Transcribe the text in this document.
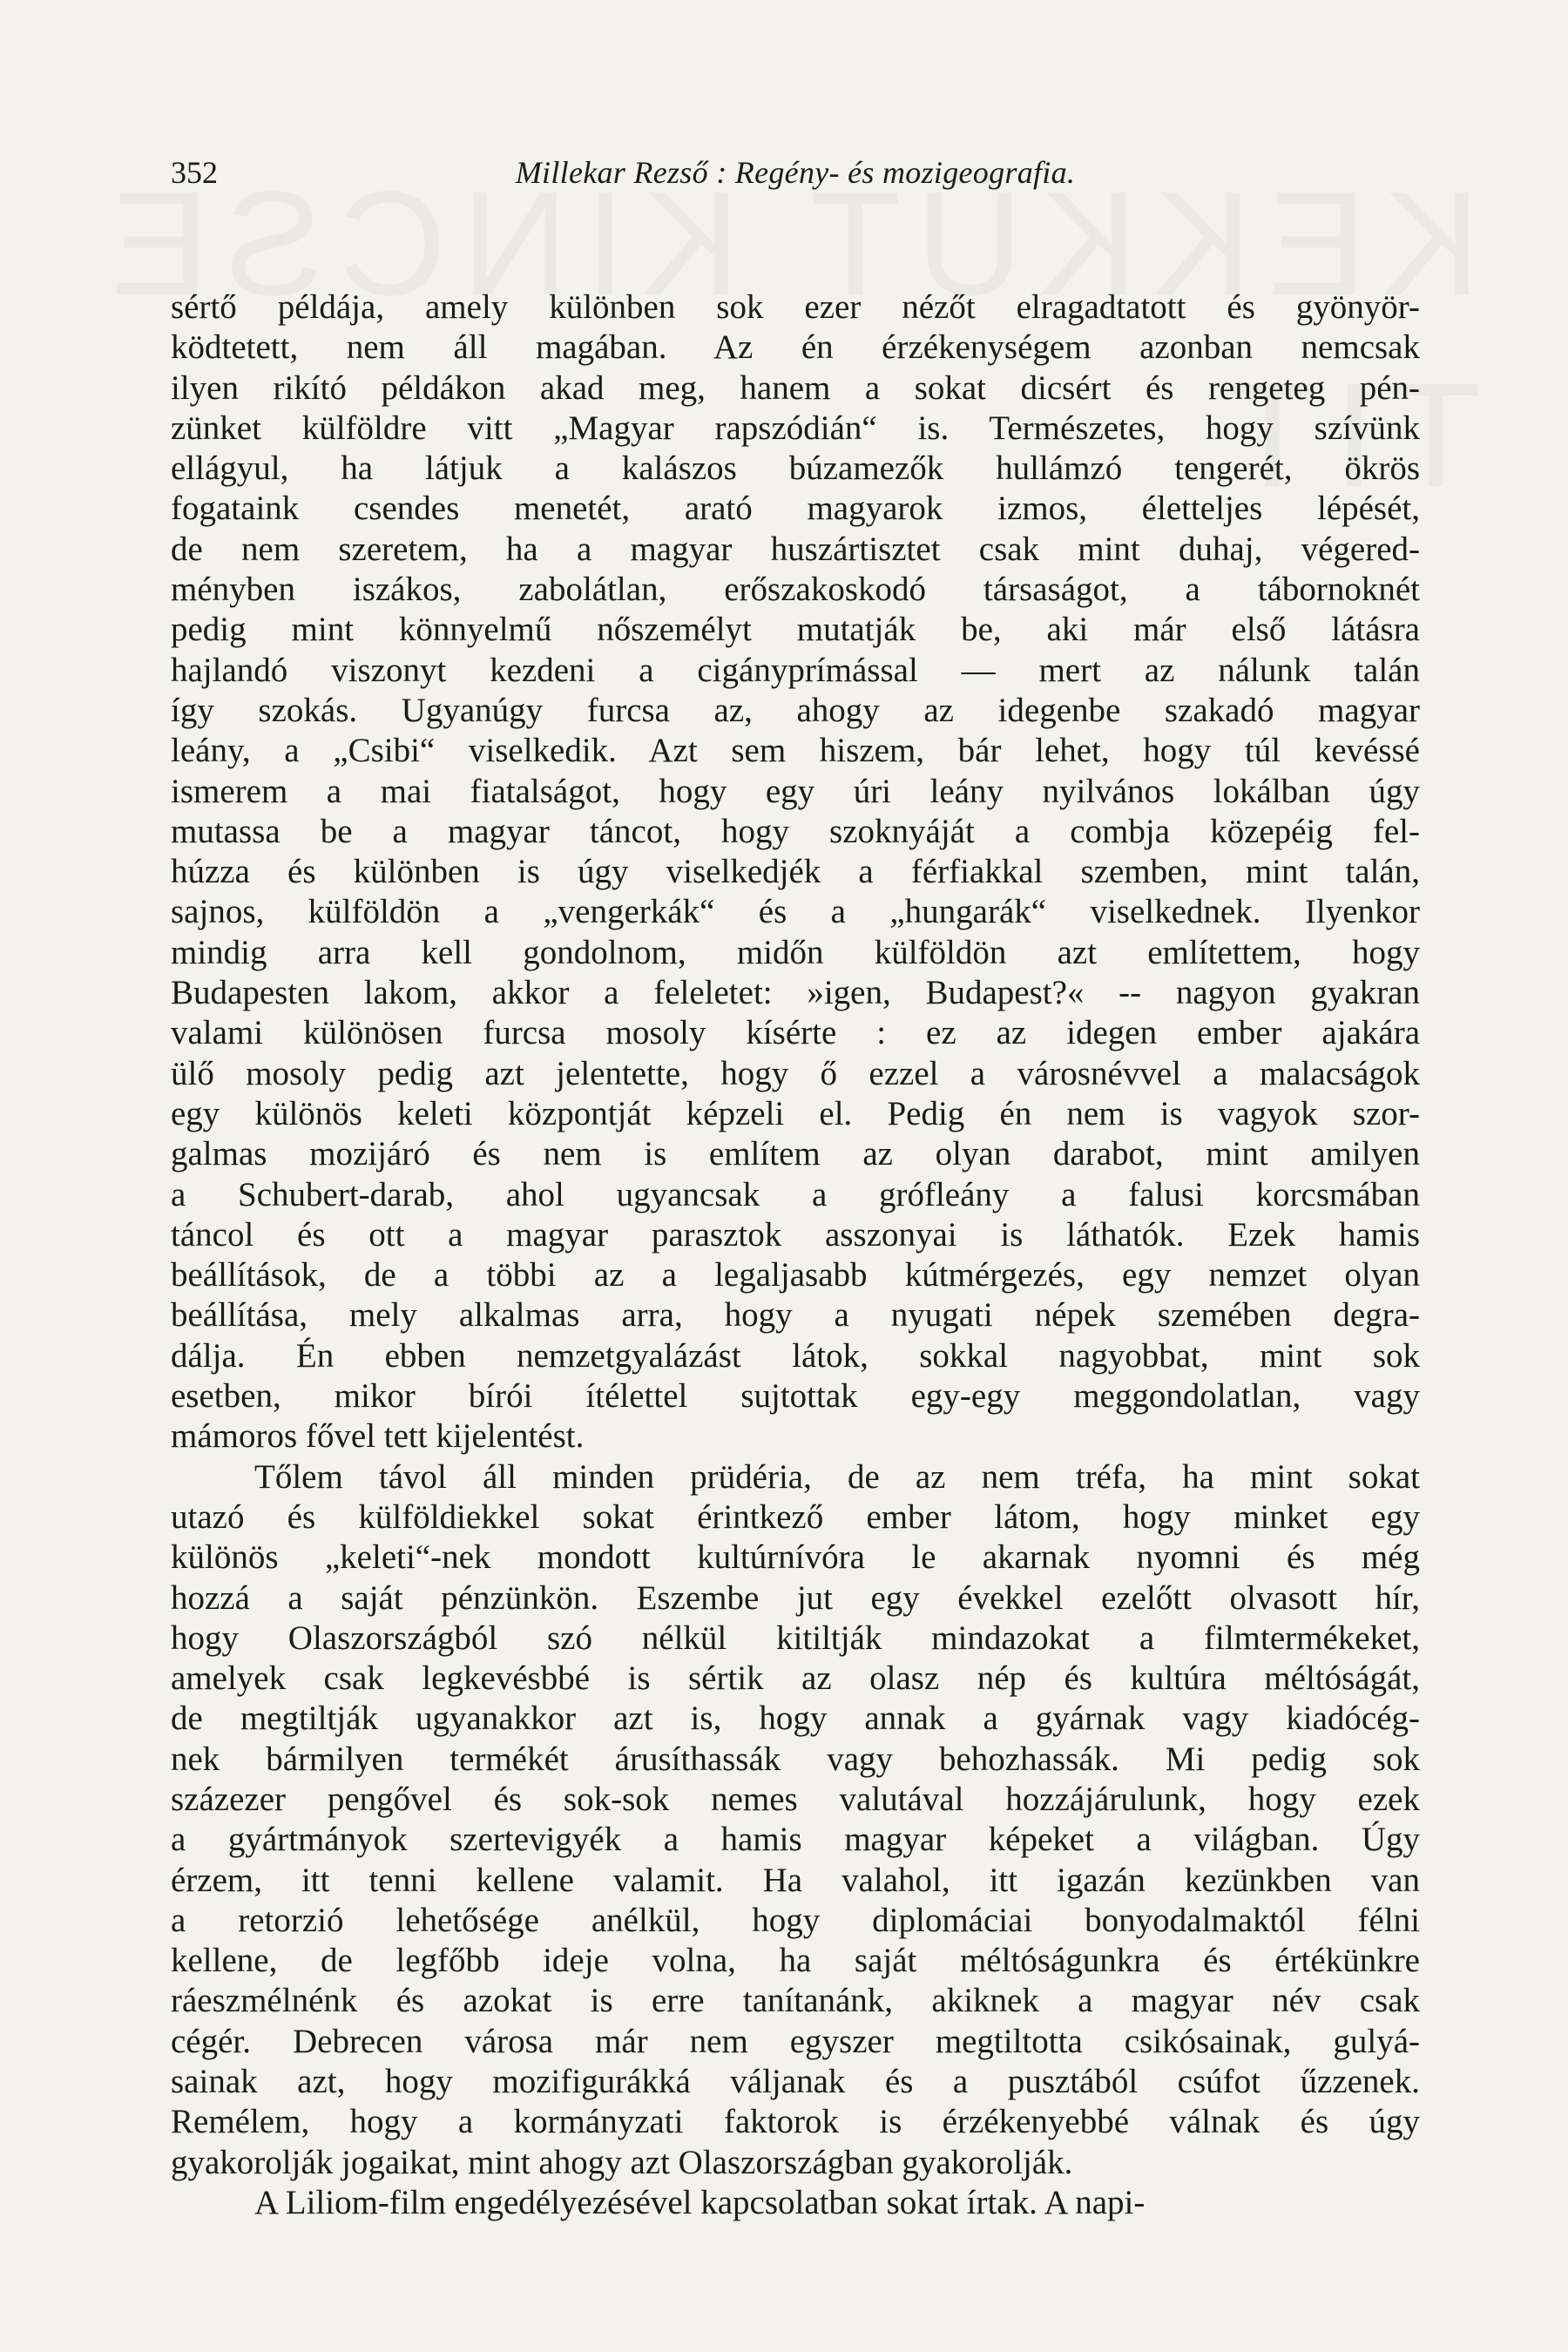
352	Millekar Rezső : Regény- és mozigeografia.
sértő példája, amely különben sok ezer nézőt elragadtatott és gyönyör-
ködtetett, nem áll magában. Az én érzékenységem azonban nemcsak
ilyen rikító példákon akad meg, hanem a sokat dicsért és rengeteg pén-
zünket külföldre vitt „Magyar rapszódián“ is. Természetes, hogy szívünk
ellágyul, ha látjuk a kalászos búzamezők hullámzó tengerét, ökrös
fogataink csendes menetét, arató magyarok izmos, életteljes lépését,
de nem szeretem, ha a magyar huszártisztet csak mint duhaj, végered-
ményben iszákos, zabolátlan, erőszakoskodó társaságot, a tábornoknét
pedig mint könnyelmű nőszemélyt mutatják be, aki már első látásra
hajlandó viszonyt kezdeni a cigányprímással — mert az nálunk talán
így szokás. Ugyanúgy furcsa az, ahogy az idegenbe szakadó magyar
leány, a „Csibi“ viselkedik. Azt sem hiszem, bár lehet, hogy túl kevéssé
ismerem a mai fiatalságot, hogy egy úri leány nyilvános lokálban úgy
mutassa be a magyar táncot, hogy szoknyáját a combja közepéig fel-
húzza és különben is úgy viselkedjék a férfiakkal szemben, mint talán,
sajnos, külföldön a „vengerkák“ és a „hungarák“ viselkednek. Ilyenkor
mindig arra kell gondolnom, midőn külföldön azt említettem, hogy
Budapesten lakom, akkor a feleletet: »igen, Budapest?« -- nagyon gyakran
valami különösen furcsa mosoly kísérte : ez az idegen ember ajakára
ülő mosoly pedig azt jelentette, hogy ő ezzel a városnévvel a malacságok
egy különös keleti központját képzeli el. Pedig én nem is vagyok szor-
galmas mozijáró és nem is említem az olyan darabot, mint amilyen
a Schubert-darab, ahol ugyancsak a grófleány a falusi korcsmában
táncol és ott a magyar parasztok asszonyai is láthatók. Ezek hamis
beállítások, de a többi az a legaljasabb kútmérgezés, egy nemzet olyan
beállítása, mely alkalmas arra, hogy a nyugati népek szemében degra-
dálja. Én ebben nemzetgyalázást látok, sokkal nagyobbat, mint sok
esetben, mikor bírói ítélettel sujtottak egy-egy meggondolatlan, vagy
mámoros fővel tett kijelentést.
Tőlem távol áll minden prüdéria, de az nem tréfa, ha mint sokat
utazó és külföldiekkel sokat érintkező ember látom, hogy minket egy
különös „keleti“-nek mondott kultúrnívóra le akarnak nyomni és még
hozzá a saját pénzünkön. Eszembe jut egy évekkel ezelőtt olvasott hír,
hogy Olaszországból szó nélkül kitiltják mindazokat a filmtermékeket,
amelyek csak legkevésbbé is sértik az olasz nép és kultúra méltóságát,
de megtiltják ugyanakkor azt is, hogy annak a gyárnak vagy kiadócég-
nek bármilyen termékét árusíthassák vagy behozhassák. Mi pedig sok
százezer pengővel és sok-sok nemes valutával hozzájárulunk, hogy ezek
a gyártmányok szertevigyék a hamis magyar képeket a világban. Úgy
érzem, itt tenni kellene valamit. Ha valahol, itt igazán kezünkben van
a retorzió lehetősége anélkül, hogy diplomáciai bonyodalmaktól félni
kellene, de legfőbb ideje volna, ha saját méltóságunkra és értékünkre
ráeszmélnénk és azokat is erre tanítanánk, akiknek a magyar név csak
cégér. Debrecen városa már nem egyszer megtiltotta csikósainak, gulyá-
sainak azt, hogy mozifigurákká váljanak és a pusztából csúfot űzzenek.
Remélem, hogy a kormányzati faktorok is érzékenyebbé válnak és úgy
gyakorolják jogaikat, mint ahogy azt Olaszországban gyakorolják.
A Liliom-film engedélyezésével kapcsolatban sokat írtak. A napi-
